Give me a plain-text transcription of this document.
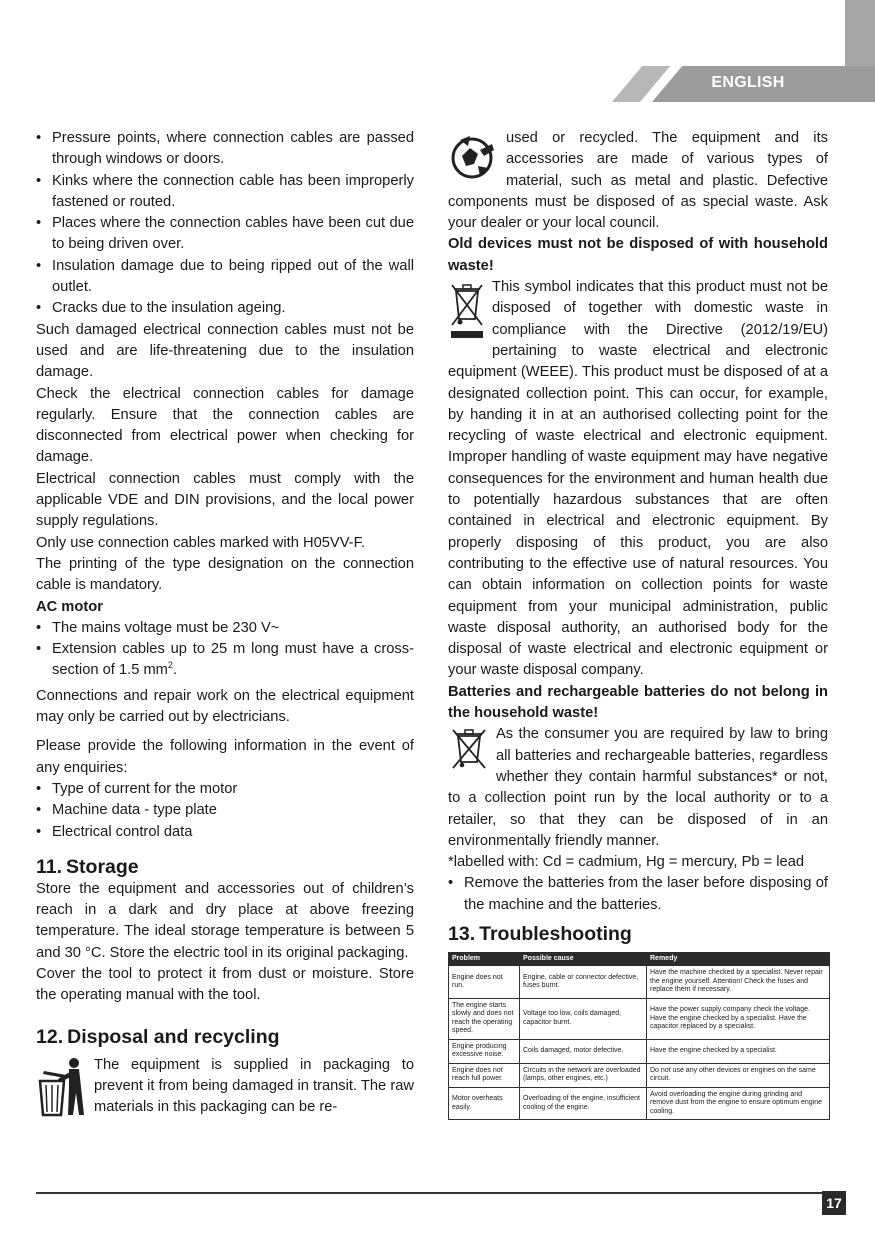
ENGLISH
• Pressure points, where connection cables are passed through windows or doors.
• Kinks where the connection cable has been improperly fastened or routed.
• Places where the connection cables have been cut due to being driven over.
• Insulation damage due to being ripped out of the wall outlet.
• Cracks due to the insulation ageing.

Such damaged electrical connection cables must not be used and are life-threatening due to the insulation damage.

Check the electrical connection cables for damage regularly. Ensure that the connection cables are disconnected from electrical power when checking for damage.

Electrical connection cables must comply with the applicable VDE and DIN provisions, and the local power supply regulations.

Only use connection cables marked with H05VV-F.

The printing of the type designation on the connection cable is mandatory.

AC motor

• The mains voltage must be 230 V~
• Extension cables up to 25 m long must have a cross-section of 1.5 $mm^2$.

Connections and repair work on the electrical equipment may only be carried out by electricians.

Please provide the following information in the event of any enquiries:

• Type of current for the motor
• Machine data - type plate
• Electrical control data
11. Storage

Store the equipment and accessories out of children’s reach in a dark and dry place at above freezing temperature. The ideal storage temperature is between 5 and 30 °C. Store the electric tool in its original packaging.

Cover the tool to protect it from dust or moisture. Store the operating manual with the tool.

12. Disposal and recycling

The equipment is supplied in packaging to prevent it from being damaged in transit. The raw materials in this packaging can be re-

used or recycled. The equipment and its accessories are made of various types of material, such as metal and plastic. Defective components must be disposed of as special waste. Ask your dealer or your local council.

Old devices must not be disposed of with household waste!

This symbol indicates that this product must not be disposed of together with domestic waste in compliance with the Directive (2012/19/EU) pertaining to waste electrical and electronic equipment (WEEE). This product must be disposed of at a designated collection point. This can occur, for example, by handing it in at an authorised collecting point for the recycling of waste electrical and electronic equipment. Improper handling of waste equipment may have negative consequences for the environment and human health due to potentially hazardous substances that are often contained in electrical and electronic equipment. By properly disposing of this product, you are also contributing to the effective use of natural resources. You can obtain information on collection points for waste equipment from your municipal administration, public waste disposal authority, an authorised body for the disposal of waste electrical and electronic equipment or your waste disposal company.

Batteries and rechargeable batteries do not belong in the household waste!

As the consumer you are required by law to bring all batteries and rechargeable batteries, regardless whether they contain harmful substances* or not, to a collection point run by the local authority or to a retailer, so that they can be disposed of in an environmentally friendly manner.

*labelled with: Cd = cadmium, Hg = mercury, Pb = lead

• Remove the batteries from the laser before disposing of the machine and the batteries.
13. Troubleshooting
Problem	Possible cause	Remedy
Engine does not run.	Engine, cable or connector defective, fuses burnt.	Have the machine checked by a specialist. Never repair the engine yourself. Attention! Check the fuses and replace them if necessary.
The engine starts slowly and does not reach the operating speed.	Voltage too low, coils damaged, capacitor burnt.	Have the power supply company check the voltage. Have the engine checked by a specialist. Have the capacitor replaced by a specialist.
Engine producing excessive noise.	Coils damaged, motor defective.	Have the engine checked by a specialist.
Engine does not reach full power.	Circuits in the network are overloaded (lamps, other engines, etc.)	Do not use any other devices or engines on the same circuit.
Motor overheats easily.	Overloading of the engine, insufficient cooling of the engine.	Avoid overloading the engine during grinding and remove dust from the engine to ensure optimum engine cooling.
17
